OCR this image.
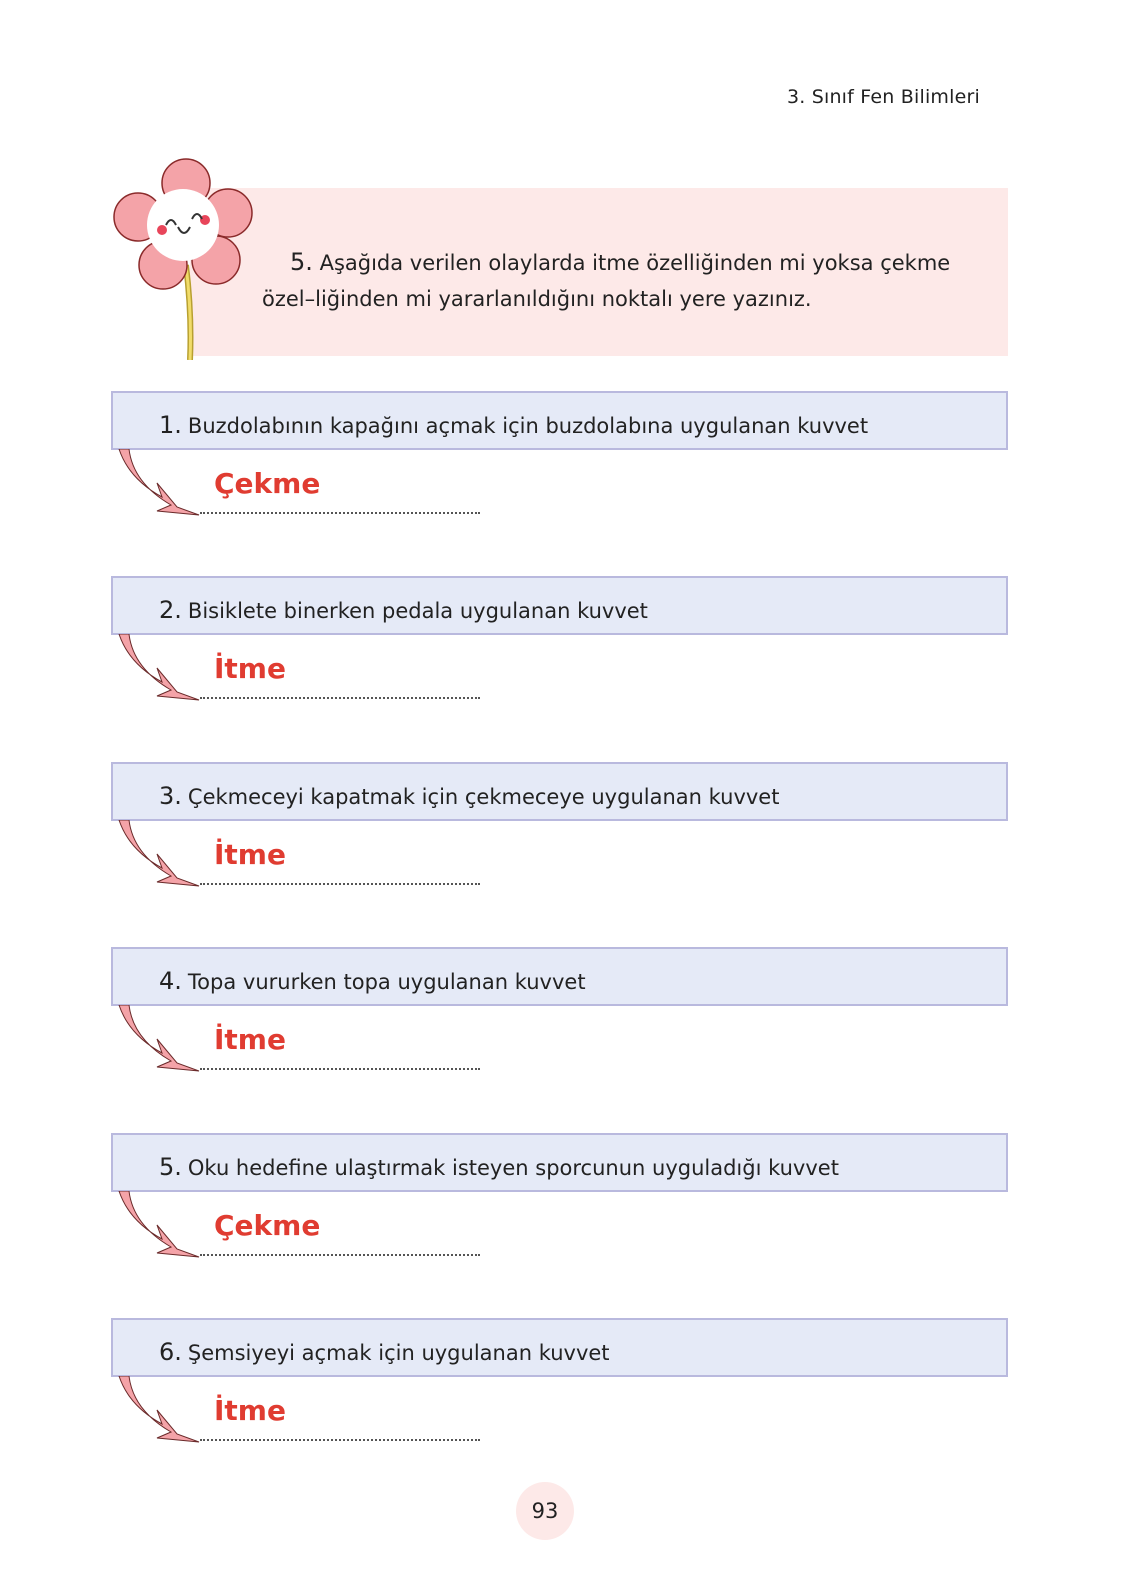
3. Sınıf Fen Bilimleri
5. Aşağıda verilen olaylarda itme özelliğinden mi yoksa çekme özel–liğinden mi yararlanıldığını noktalı yere yazınız.
1. Buzdolabının kapağını açmak için buzdolabına uygulanan kuvvet
Çekme
2. Bisiklete binerken pedala uygulanan kuvvet
İtme
3. Çekmeceyi kapatmak için çekmeceye uygulanan kuvvet
İtme
4. Topa vururken topa uygulanan kuvvet
İtme
5. Oku hedefine ulaştırmak isteyen sporcunun uyguladığı kuvvet
Çekme
6. Şemsiyeyi açmak için uygulanan kuvvet
İtme
93
